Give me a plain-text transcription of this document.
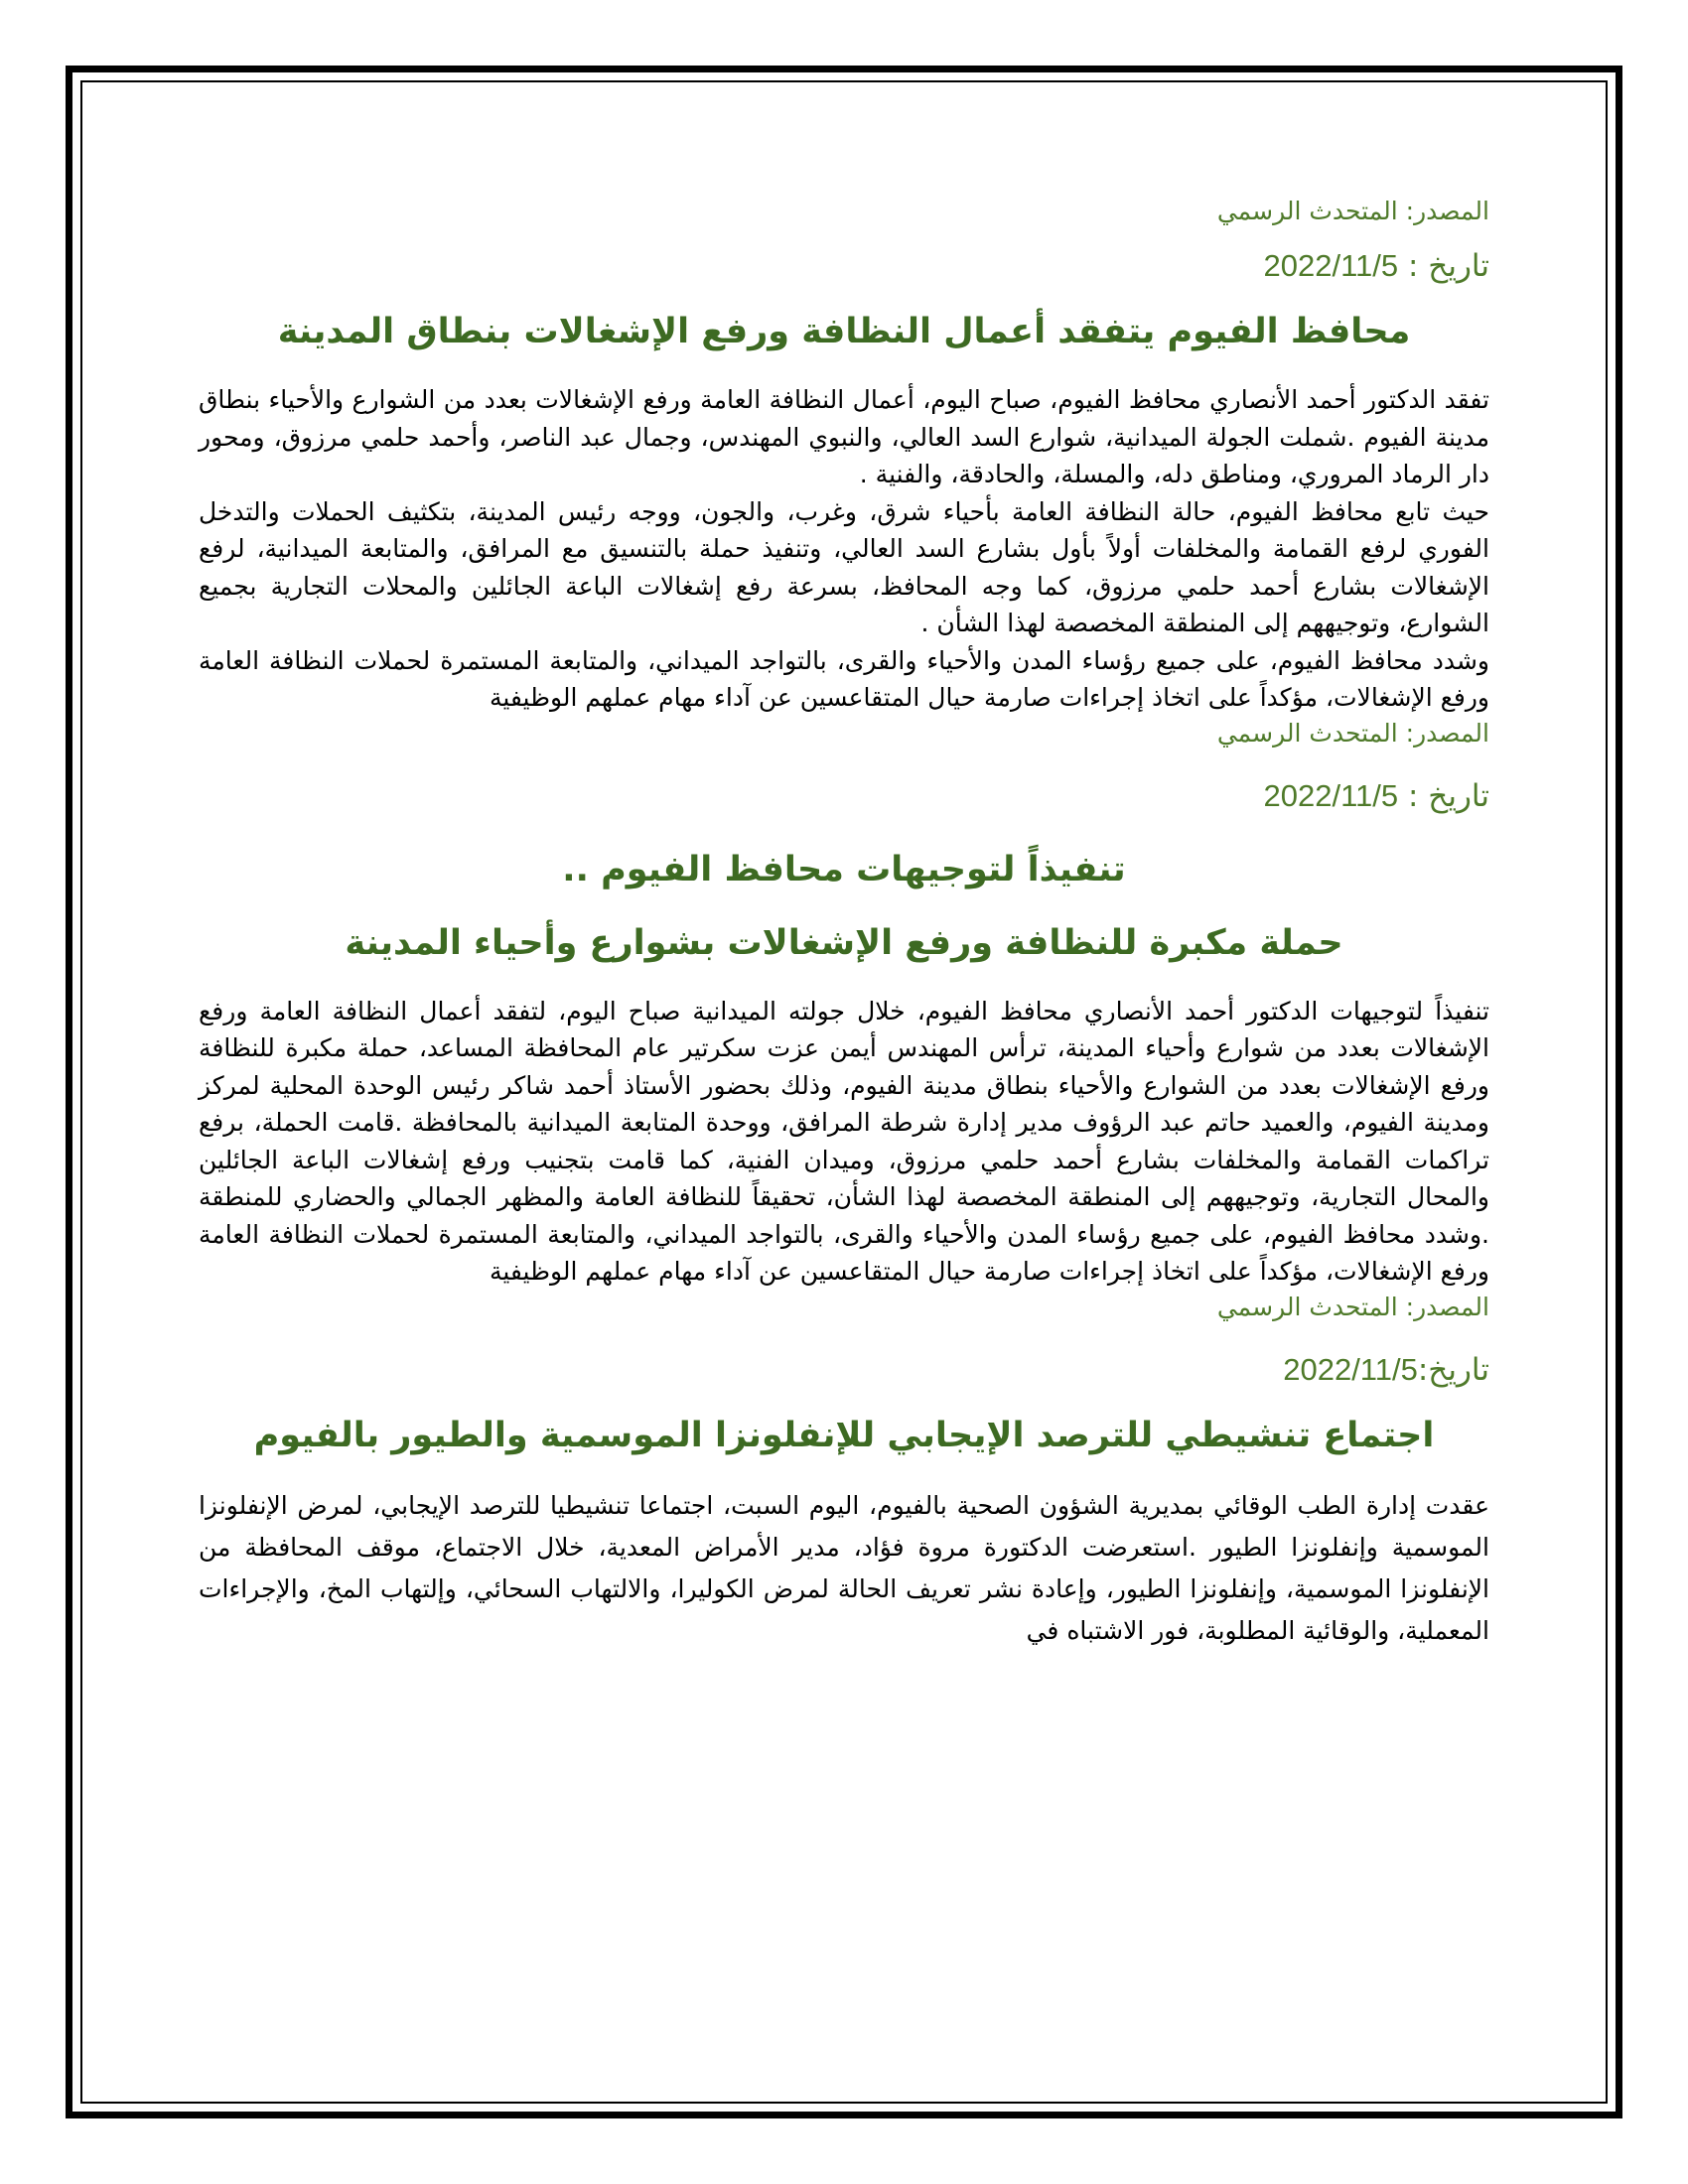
المصدر: المتحدث الرسمي

تاريخ : 2022/11/5

محافظ الفيوم يتفقد أعمال النظافة ورفع الإشغالات بنطاق المدينة

تفقد الدكتور أحمد الأنصاري محافظ الفيوم، صباح اليوم، أعمال النظافة العامة ورفع الإشغالات بعدد من الشوارع والأحياء بنطاق مدينة الفيوم .شملت الجولة الميدانية، شوارع السد العالي، والنبوي المهندس، وجمال عبد الناصر، وأحمد حلمي مرزوق، ومحور دار الرماد المروري، ومناطق دله، والمسلة، والحادقة، والفنية .

حيث تابع محافظ الفيوم، حالة النظافة العامة بأحياء شرق، وغرب، والجون، ووجه رئيس المدينة، بتكثيف الحملات والتدخل الفوري لرفع القمامة والمخلفات أولاً بأول بشارع السد العالي، وتنفيذ حملة بالتنسيق مع المرافق، والمتابعة الميدانية، لرفع الإشغالات بشارع أحمد حلمي مرزوق، كما وجه المحافظ، بسرعة رفع إشغالات الباعة الجائلين والمحلات التجارية بجميع الشوارع، وتوجيههم إلى المنطقة المخصصة لهذا الشأن .

وشدد محافظ الفيوم، على جميع رؤساء المدن والأحياء والقرى، بالتواجد الميداني، والمتابعة المستمرة لحملات النظافة العامة ورفع الإشغالات، مؤكداً على اتخاذ إجراءات صارمة حيال المتقاعسين عن آداء مهام عملهم الوظيفية

المصدر: المتحدث الرسمي

تاريخ : 2022/11/5

تنفيذاً لتوجيهات محافظ الفيوم ..
حملة مكبرة للنظافة ورفع الإشغالات بشوارع وأحياء المدينة

تنفيذاً لتوجيهات الدكتور أحمد الأنصاري محافظ الفيوم، خلال جولته الميدانية صباح اليوم، لتفقد أعمال النظافة العامة ورفع الإشغالات بعدد من شوارع وأحياء المدينة، ترأس المهندس أيمن عزت سكرتير عام المحافظة المساعد، حملة مكبرة للنظافة ورفع الإشغالات بعدد من الشوارع والأحياء بنطاق مدينة الفيوم، وذلك بحضور الأستاذ أحمد شاكر رئيس الوحدة المحلية لمركز ومدينة الفيوم، والعميد حاتم عبد الرؤوف مدير إدارة شرطة المرافق، ووحدة المتابعة الميدانية بالمحافظة .قامت الحملة، برفع تراكمات القمامة والمخلفات بشارع أحمد حلمي مرزوق، وميدان الفنية، كما قامت بتجنيب ورفع إشغالات الباعة الجائلين والمحال التجارية، وتوجيههم إلى المنطقة المخصصة لهذا الشأن، تحقيقاً للنظافة العامة والمظهر الجمالي والحضاري للمنطقة .وشدد محافظ الفيوم، على جميع رؤساء المدن والأحياء والقرى، بالتواجد الميداني، والمتابعة المستمرة لحملات النظافة العامة ورفع الإشغالات، مؤكداً على اتخاذ إجراءات صارمة حيال المتقاعسين عن آداء مهام عملهم الوظيفية

المصدر: المتحدث الرسمي

تاريخ:2022/11/5

اجتماع تنشيطي للترصد الإيجابي للإنفلونزا الموسمية والطيور بالفيوم

عقدت إدارة الطب الوقائي بمديرية الشؤون الصحية بالفيوم، اليوم السبت، اجتماعا تنشيطيا للترصد الإيجابي، لمرض الإنفلونزا الموسمية وإنفلونزا الطيور .استعرضت الدكتورة مروة فؤاد، مدير الأمراض المعدية، خلال الاجتماع، موقف المحافظة من الإنفلونزا الموسمية، وإنفلونزا الطيور، وإعادة نشر تعريف الحالة لمرض الكوليرا، والالتهاب السحائي، وإلتهاب المخ، والإجراءات المعملية، والوقائية المطلوبة، فور الاشتباه في
